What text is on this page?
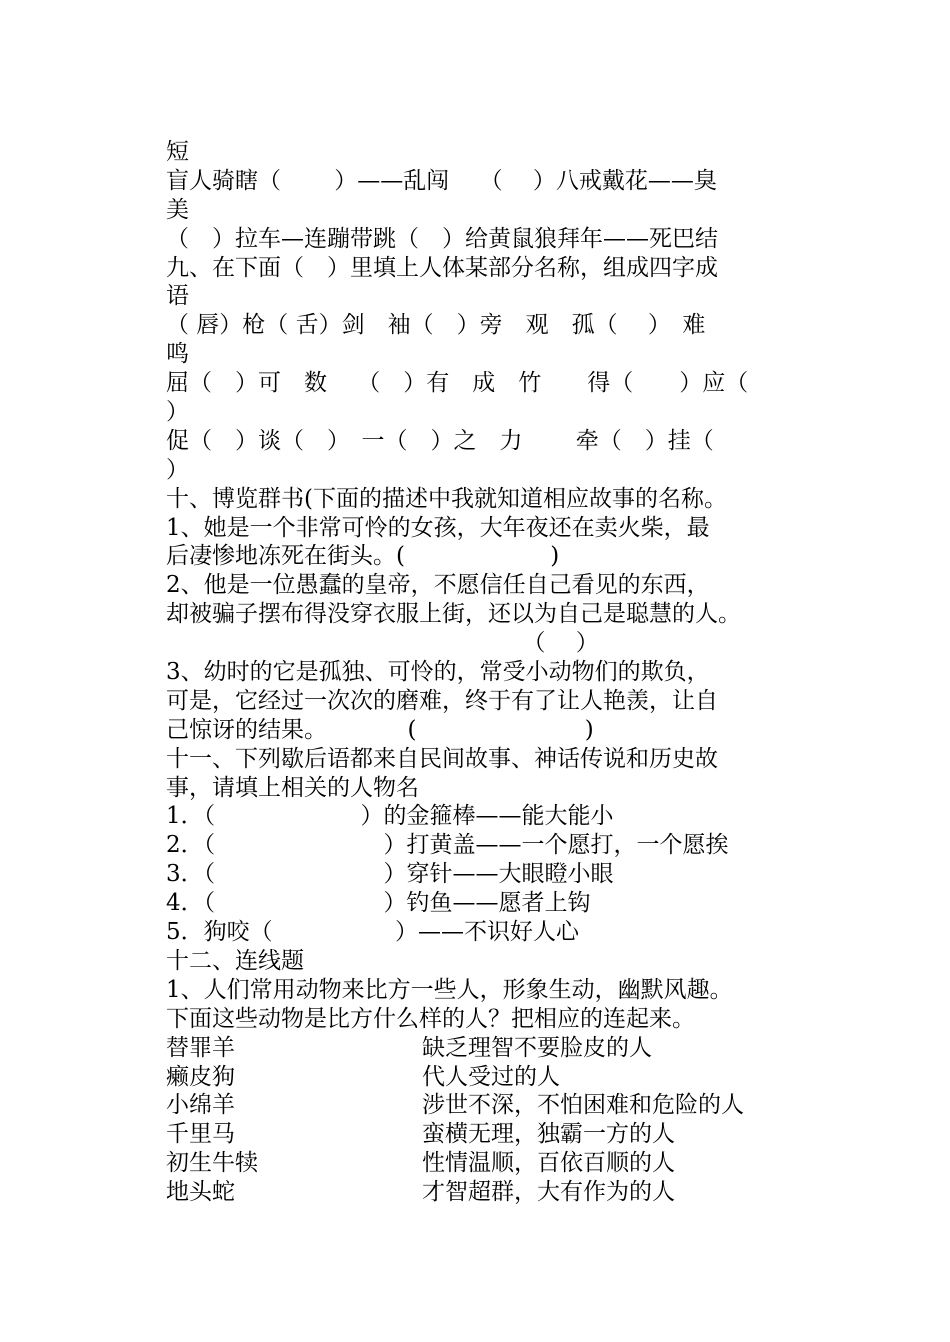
短
盲人骑瞎（　　 ）——乱闯　 （　 ）八戒戴花——臭
美
（　）拉车—连蹦带跳（　）给黄鼠狼拜年——死巴结
九、在下面（　）里填上人体某部分名称，组成四字成
语
（ 唇）枪（ 舌）剑　袖（　）旁　观　孤（　 ）　难
鸣
屈（　）可　数　 （　）有　成　竹　　得（　　）应（
）
促（　）谈（　）　一（　）之　力　　 牵（　）挂（
）
十、博览群书(下面的描述中我就知道相应故事的名称。
1、她是一个非常可怜的女孩，大年夜还在卖火柴，最
后凄惨地冻死在街头。(　　　　　　 )
2、他是一位愚蠢的皇帝，不愿信任自己看见的东西，
却被骗子摆布得没穿衣服上街，还以为自己是聪慧的人。
　　　　　　　　　　　　　　　　（　 ）
3、幼时的它是孤独、可怜的，常受小动物们的欺负，
可是，它经过一次次的磨难，终于有了让人艳羡，让自
己惊讶的结果。　　　　(　　　　　　　 )
十一、下列歇后语都来自民间故事、神话传说和历史故
事，请填上相关的人物名
1．（　　　　　　 ）的金箍棒——能大能小
2．（　　　　　　　 ）打黄盖——一个愿打，一个愿挨
3．（　　　　　　　 ）穿针——大眼瞪小眼
4．（　　　　　　　 ）钓鱼——愿者上钩
5．狗咬（　　　　　 ）——不识好人心
十二、连线题
1、人们常用动物来比方一些人，形象生动，幽默风趣。
下面这些动物是比方什么样的人？把相应的连起来。
替罪羊	缺乏理智不要脸皮的人
癞皮狗	代人受过的人
小绵羊	涉世不深，不怕困难和危险的人
千里马	蛮横无理，独霸一方的人
初生牛犊	性情温顺，百依百顺的人
地头蛇	才智超群，大有作为的人
